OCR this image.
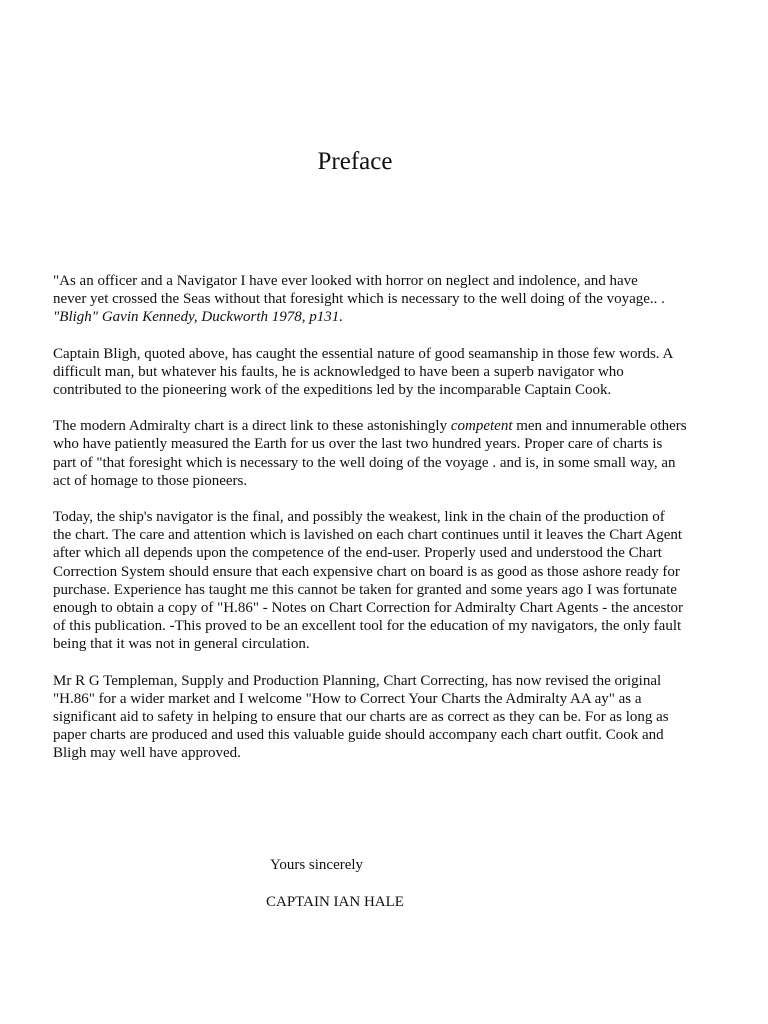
Preface

"As an officer and a Navigator I have ever looked with horror on neglect and indolence, and have
never yet crossed the Seas without that foresight which is necessary to the well doing of the voyage.. .
"Bligh" Gavin Kennedy, Duckworth 1978, p131.

Captain Bligh, quoted above, has caught the essential nature of good seamanship in those few words. A
difficult man, but whatever his faults, he is acknowledged to have been a superb navigator who
contributed to the pioneering work of the expeditions led by the incomparable Captain Cook.

The modern Admiralty chart is a direct link to these astonishingly competent men and innumerable others
who have patiently measured the Earth for us over the last two hundred years. Proper care of charts is
part of "that foresight which is necessary to the well doing of the voyage . and is, in some small way, an
act of homage to those pioneers.

Today, the ship's navigator is the final, and possibly the weakest, link in the chain of the production of
the chart. The care and attention which is lavished on each chart continues until it leaves the Chart Agent
after which all depends upon the competence of the end-user. Properly used and understood the Chart
Correction System should ensure that each expensive chart on board is as good as those ashore ready for
purchase. Experience has taught me this cannot be taken for granted and some years ago I was fortunate
enough to obtain a copy of "H.86" - Notes on Chart Correction for Admiralty Chart Agents - the ancestor
of this publication. -This proved to be an excellent tool for the education of my navigators, the only fault
being that it was not in general circulation.

Mr R G Templeman, Supply and Production Planning, Chart Correcting, has now revised the original
"H.86" for a wider market and I welcome "How to Correct Your Charts the Admiralty AA ay" as a
significant aid to safety in helping to ensure that our charts are as correct as they can be. For as long as
paper charts are produced and used this valuable guide should accompany each chart outfit. Cook and
Bligh may well have approved.

Yours sincerely
CAPTAIN IAN HALE
